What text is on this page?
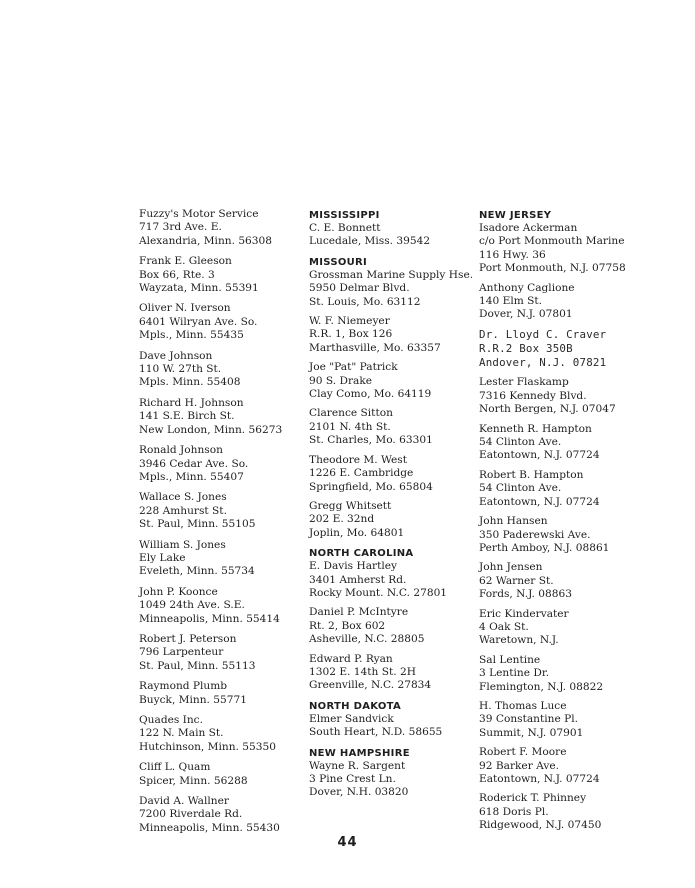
Fuzzy's Motor Service
717 3rd Ave. E.
Alexandria, Minn. 56308
Frank E. Gleeson
Box 66, Rte. 3
Wayzata, Minn. 55391
Oliver N. Iverson
6401 Wilryan Ave. So.
Mpls., Minn. 55435
Dave Johnson
110 W. 27th St.
Mpls. Minn. 55408
Richard H. Johnson
141 S.E. Birch St.
New London, Minn. 56273
Ronald Johnson
3946 Cedar Ave. So.
Mpls., Minn. 55407
Wallace S. Jones
228 Amhurst St.
St. Paul, Minn. 55105
William S. Jones
Ely Lake
Eveleth, Minn. 55734
John P. Koonce
1049 24th Ave. S.E.
Minneapolis, Minn. 55414
Robert J. Peterson
796 Larpenteur
St. Paul, Minn. 55113
Raymond Plumb
Buyck, Minn. 55771
Quades Inc.
122 N. Main St.
Hutchinson, Minn. 55350
Cliff L. Quam
Spicer, Minn. 56288
David A. Wallner
7200 Riverdale Rd.
Minneapolis, Minn. 55430
MISSISSIPPI
C. E. Bonnett
Lucedale, Miss. 39542
MISSOURI
Grossman Marine Supply Hse.
5950 Delmar Blvd.
St. Louis, Mo. 63112
W. F. Niemeyer
R.R. 1, Box 126
Marthasville, Mo. 63357
Joe "Pat" Patrick
90 S. Drake
Clay Como, Mo. 64119
Clarence Sitton
2101 N. 4th St.
St. Charles, Mo. 63301
Theodore M. West
1226 E. Cambridge
Springfield, Mo. 65804
Gregg Whitsett
202 E. 32nd
Joplin, Mo. 64801
NORTH CAROLINA
E. Davis Hartley
3401 Amherst Rd.
Rocky Mount. N.C. 27801
Daniel P. McIntyre
Rt. 2, Box 602
Asheville, N.C. 28805
Edward P. Ryan
1302 E. 14th St. 2H
Greenville, N.C. 27834
NORTH DAKOTA
Elmer Sandvick
South Heart, N.D. 58655
NEW HAMPSHIRE
Wayne R. Sargent
3 Pine Crest Ln.
Dover, N.H. 03820
NEW JERSEY
Isadore Ackerman
c/o Port Monmouth Marine
116 Hwy. 36
Port Monmouth, N.J. 07758
Anthony Caglione
140 Elm St.
Dover, N.J. 07801
Dr. Lloyd C. Craver
R.R.2 Box 350B
Andover, N.J. 07821
Lester Flaskamp
7316 Kennedy Blvd.
North Bergen, N.J. 07047
Kenneth R. Hampton
54 Clinton Ave.
Eatontown, N.J. 07724
Robert B. Hampton
54 Clinton Ave.
Eatontown, N.J. 07724
John Hansen
350 Paderewski Ave.
Perth Amboy, N.J. 08861
John Jensen
62 Warner St.
Fords, N.J. 08863
Eric Kindervater
4 Oak St.
Waretown, N.J.
Sal Lentine
3 Lentine Dr.
Flemington, N.J. 08822
H. Thomas Luce
39 Constantine Pl.
Summit, N.J. 07901
Robert F. Moore
92 Barker Ave.
Eatontown, N.J. 07724
Roderick T. Phinney
618 Doris Pl.
Ridgewood, N.J. 07450
44
